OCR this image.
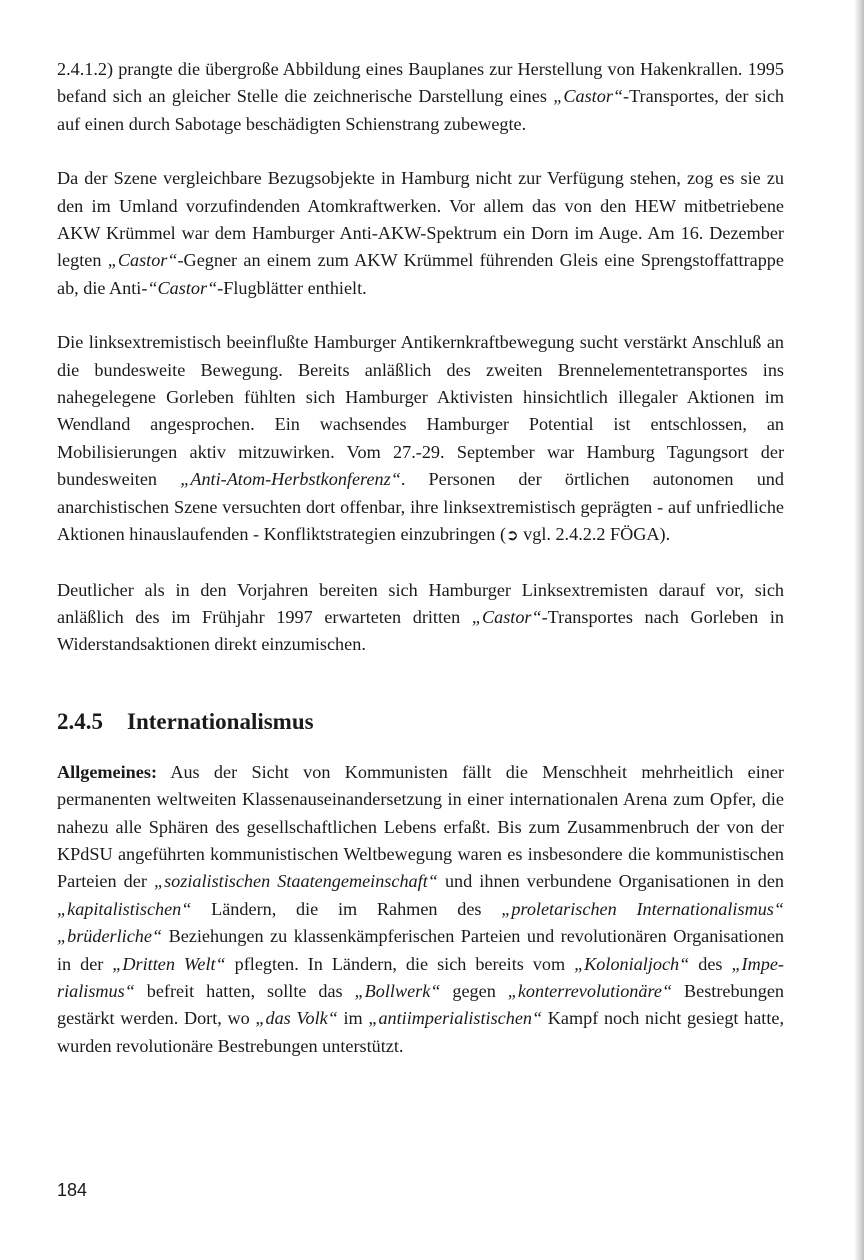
2.4.1.2) prangte die übergroße Abbildung eines Bauplanes zur Herstellung von Hakenkrallen. 1995 befand sich an gleicher Stelle die zeichnerische Darstellung eines „Castor“-Transportes, der sich auf einen durch Sabotage beschädigten Schienstrang zubewegte.

Da der Szene vergleichbare Bezugsobjekte in Hamburg nicht zur Verfügung stehen, zog es sie zu den im Umland vorzufindenden Atomkraftwerken. Vor allem das von den HEW mitbetriebene AKW Krümmel war dem Hamburger Anti-AKW-Spektrum ein Dorn im Auge. Am 16. Dezember legten „Castor“-Gegner an einem zum AKW Krümmel führenden Gleis eine Sprengstoffattrappe ab, die Anti-“Castor“-Flugblätter enthielt.

Die linksextremistisch beeinflußte Hamburger Antikernkraftbewegung sucht verstärkt Anschluß an die bundesweite Bewegung. Bereits anläßlich des zweiten Brennelementetransportes ins nahegelegene Gorleben fühlten sich Hamburger Aktivisten hinsichtlich illegaler Aktionen im Wendland angesprochen. Ein wachsendes Hamburger Potential ist entschlossen, an Mobilisierungen aktiv mitzuwirken. Vom 27.-29. September war Hamburg Tagungsort der bundesweiten „Anti-Atom-Herbstkonferenz“. Personen der örtlichen autonomen und anarchistischen Szene versuchten dort offenbar, ihre linksextremistisch geprägten - auf unfriedliche Aktionen hinauslaufenden - Konfliktstrategien einzubringen (➲ vgl. 2.4.2.2 FÖGA).

Deutlicher als in den Vorjahren bereiten sich Hamburger Linksextremisten darauf vor, sich anläßlich des im Frühjahr 1997 erwarteten dritten „Castor“-Transportes nach Gorleben in Widerstandsaktionen direkt einzumischen.

2.4.5 Internationalismus

Allgemeines: Aus der Sicht von Kommunisten fällt die Menschheit mehrheitlich einer permanenten weltweiten Klassenauseinandersetzung in einer internationalen Arena zum Opfer, die nahezu alle Sphären des gesellschaftlichen Lebens erfaßt. Bis zum Zusammenbruch der von der KPdSU angeführten kommunistischen Weltbewegung waren es insbesondere die kommunistischen Parteien der „sozialistischen Staatengemeinschaft“ und ihnen verbundene Organisationen in den „kapitalistischen“ Ländern, die im Rahmen des „proletarischen Internationalismus“ „brüderliche“ Beziehungen zu klassenkämpferischen Parteien und revolutionären Organisationen in der „Dritten Welt“ pflegten. In Ländern, die sich bereits vom „Kolonialjoch“ des „Imperialismus“ befreit hatten, sollte das „Bollwerk“ gegen „konterrevolutionäre“ Bestrebungen gestärkt werden. Dort, wo „das Volk“ im „antiimperialistischen“ Kampf noch nicht gesiegt hatte, wurden revolutionäre Bestrebungen unterstützt.

184
